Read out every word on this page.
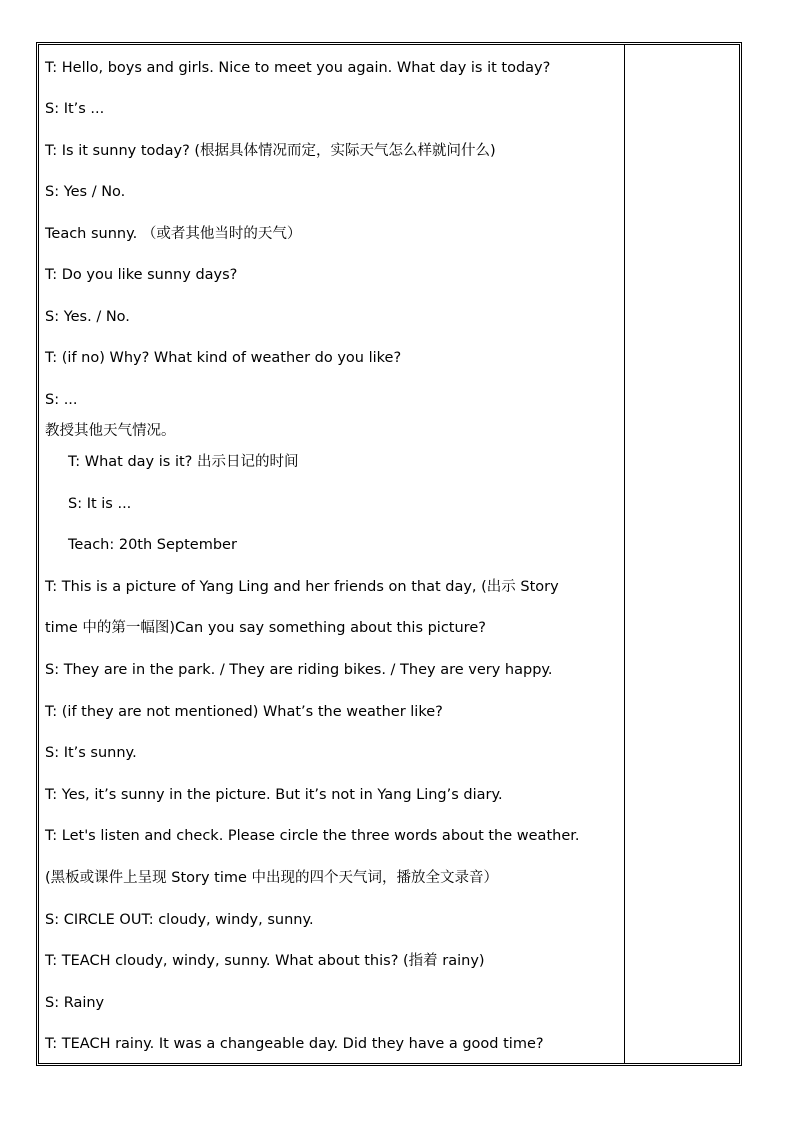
T: Hello, boys and girls. Nice to meet you again. What day is it today?
S: It’s ...
T: Is it sunny today? (根据具体情况而定，实际天气怎么样就问什么)
S: Yes / No.
Teach sunny. （或者其他当时的天气）
T: Do you like sunny days?
S: Yes. / No.
T: (if no) Why? What kind of weather do you like?
S: ...
教授其他天气情况。
T: What day is it? 出示日记的时间
S: It is ...
Teach: 20th September
T: This is a picture of Yang Ling and her friends on that day, (出示 Story
time 中的第一幅图)Can you say something about this picture?
S: They are in the park. / They are riding bikes. / They are very happy.
T: (if they are not mentioned) What’s the weather like?
S: It’s sunny.
T: Yes, it’s sunny in the picture. But it’s not in Yang Ling’s diary.
T: Let's listen and check. Please circle the three words about the weather.
(黑板或课件上呈现 Story time 中出现的四个天气词，播放全文录音）
S: CIRCLE OUT: cloudy, windy, sunny.
T: TEACH cloudy, windy, sunny. What about this? (指着 rainy)
S: Rainy
T: TEACH rainy. It was a changeable day. Did they have a good time?
